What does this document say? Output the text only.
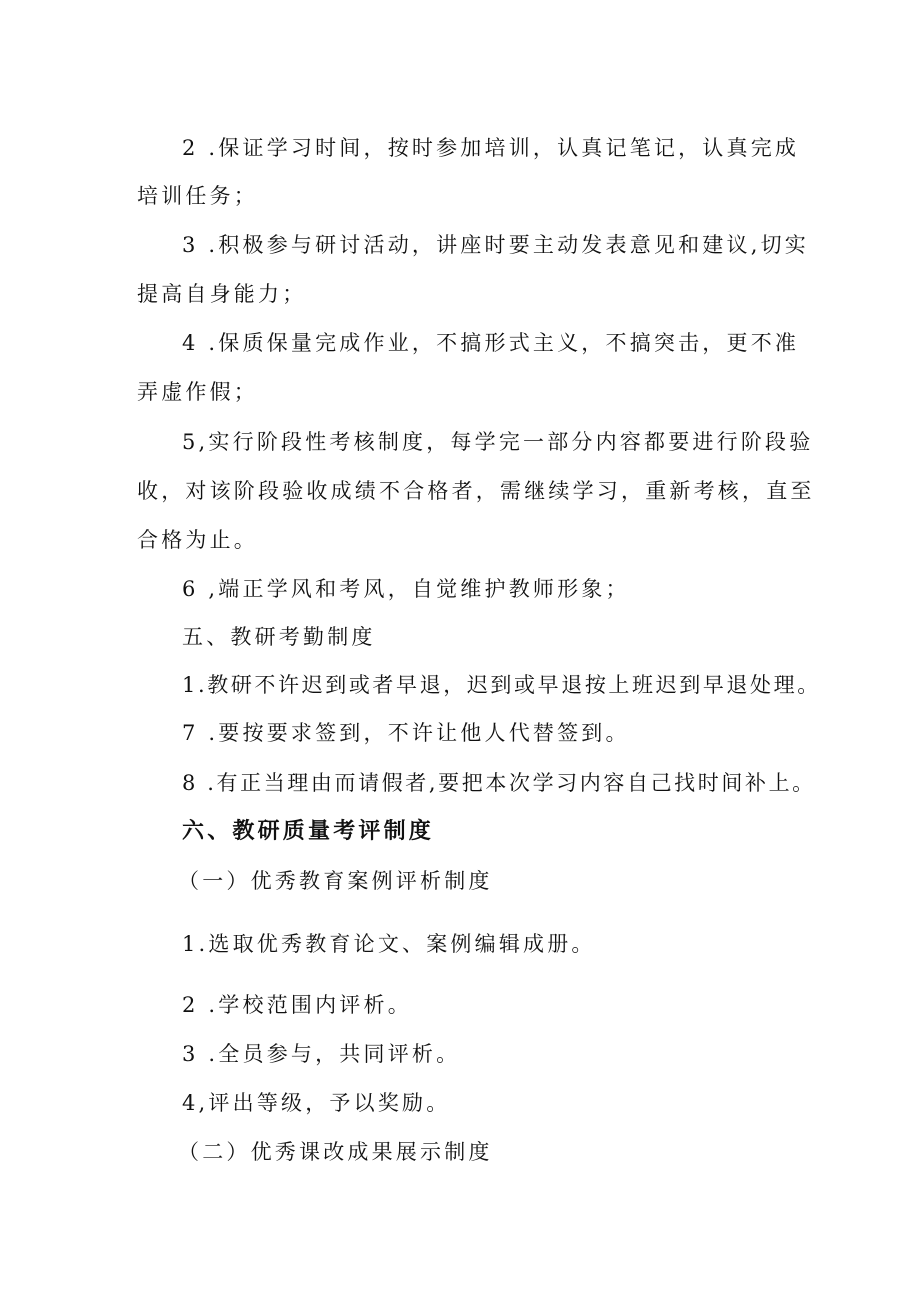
2 .保证学习时间，按时参加培训，认真记笔记，认真完成
培训任务；
3 .积极参与研讨活动，讲座时要主动发表意见和建议,切实
提高自身能力；
4 .保质保量完成作业，不搞形式主义，不搞突击，更不准
弄虚作假；
5,实行阶段性考核制度，每学完一部分内容都要进行阶段验
收，对该阶段验收成绩不合格者，需继续学习，重新考核，直至
合格为止。
6 ,端正学风和考风，自觉维护教师形象；
五、教研考勤制度
1.教研不许迟到或者早退，迟到或早退按上班迟到早退处理。
7 .要按要求签到，不许让他人代替签到。
8 .有正当理由而请假者,要把本次学习内容自己找时间补上。
六、教研质量考评制度
（一）优秀教育案例评析制度
1.选取优秀教育论文、案例编辑成册。
2 .学校范围内评析。
3 .全员参与，共同评析。
4,评出等级，予以奖励。
（二）优秀课改成果展示制度
